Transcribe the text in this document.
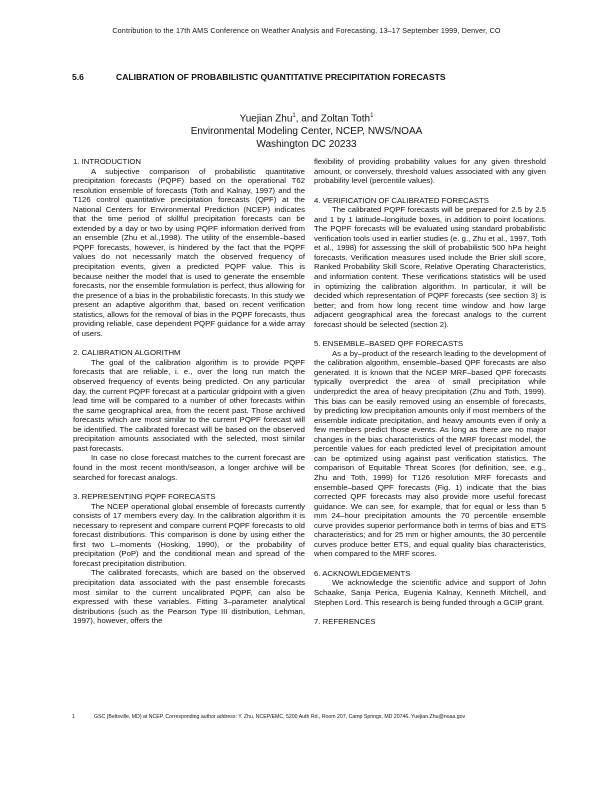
Contribution to the 17th AMS Conference on Weather Analysis and Forecasting, 13–17 September 1999, Denver, CO
5.6	CALIBRATION OF PROBABILISTIC QUANTITATIVE PRECIPITATION FORECASTS
Yuejian Zhu$^1$, and Zoltan Toth$^1$
Environmental Modeling Center, NCEP, NWS/NOAA
Washington DC 20233
1. INTRODUCTION

A subjective comparison of probabilistic quantitative precipitation forecasts (PQPF) based on the operational T62 resolution ensemble of forecasts (Toth and Kalnay, 1997) and the T126 control quantitative precipitation forecasts (QPF) at the National Centers for Environmental Prediction (NCEP) indicates that the time period of skillful precipitation forecasts can be extended by a day or two by using PQPF information derived from an ensemble (Zhu et al.,1998). The utility of the ensemble–based PQPF forecasts, however, is hindered by the fact that the PQPF values do not necessarily match the observed frequency of precipitation events, given a predicted PQPF value. This is because neither the model that is used to generate the ensemble forecasts, nor the ensemble formulation is perfect, thus allowing for the presence of a bias in the probabilistic forecasts. In this study we present an adaptive algorithm that, based on recent verification statistics, allows for the removal of bias in the PQPF forecasts, thus providing reliable, case dependent PQPF guidance for a wide array of users.

2. CALIBRATION ALGORITHM

The goal of the calibration algorithm is to provide PQPF forecasts that are reliable, i. e., over the long run match the observed frequency of events being predicted. On any particular day, the current PQPF forecast at a particular gridpoint with a given lead time will be compared to a number of other forecasts within the same geographical area, from the recent past. Those archived forecasts which are most similar to the current PQPF forecast will be identified. The calibrated forecast will be based on the observed precipitation amounts associated with the selected, most similar past forecasts.

In case no close forecast matches to the current forecast are found in the most recent month/season, a longer archive will be searched for forecast analogs.

3. REPRESENTING PQPF FORECASTS

The NCEP operational global ensemble of forecasts currently consists of 17 members every day. In the calibration algorithm it is necessary to represent and compare current PQPF forecasts to old forecast distributions. This comparison is done by using either the first two L–moments (Hosking, 1990), or the probability of precipitation (PoP) and the conditional mean and spread of the forecast precipitation distribution.

The calibrated forecasts, which are based on the observed precipitation data associated with the past ensemble forecasts most similar to the current uncalibrated PQPF, can also be expressed with these variables. Fitting 3–parameter analytical distributions (such as the Pearson Type III distribution, Lehman, 1997), however, offers the

flexibility of providing probability values for any given threshold amount, or conversely, threshold values associated with any given probability level (percentile values).

4. VERIFICATION OF CALIBRATED FORECASTS

The calibrated PQPF forecasts will be prepared for 2.5 by 2.5 and 1 by 1 latitude–longitude boxes, in addition to point locations. The PQPF forecasts will be evaluated using standard probabilistic verification tools used in earlier studies (e. g., Zhu et al., 1997, Toth et al., 1998) for assessing the skill of probabilistic 500 hPa height forecasts. Verification measures used include the Brier skill score, Ranked Probability Skill Score, Relative Operating Characteristics, and information content. These verifications statistics will be used in optimizing the calibration algorithm. In particular, it will be decided which representation of PQPF forecasts (see section 3) is better; and from how long recent time window and how large adjacent geographical area the forecast analogs to the current forecast should be selected (section 2).

5. ENSEMBLE–BASED QPF FORECASTS

As a by–product of the research leading to the development of the calibration algorithm, ensemble–based QPF forecasts are also generated. It is known that the NCEP MRF–based QPF forecasts typically overpredict the area of small precipitation while underpredict the area of heavy precipitation (Zhu and Toth, 1999). This bias can be easily removed using an ensemble of forecasts, by predicting low precipitation amounts only if most members of the ensemble indicate precipitation, and heavy amounts even if only a few members predict those events. As long as there are no major changes in the bias characteristics of the MRF forecast model, the percentile values for each predicted level of precipitation amount can be optimized using against past verification statistics. The comparison of Equitable Threat Scores (for definition, see, e.g., Zhu and Toth, 1999) for T126 resolution MRF forecasts and ensemble–based QPF forecasts (Fig. 1) indicate that the bias corrected QPF forecasts may also provide more useful forecast guidance. We can see, for example, that for equal or less than 5 mm 24–hour precipitation amounts the 70 percentile ensemble curve provides superior performance both in terms of bias and ETS characteristics; and for 25 mm or higher amounts, the 30 percentile curves produce better ETS, and equal quality bias characteristics, when compared to the MRF scores.

6. ACKNOWLEDGEMENTS

We acknowledge the scientific advice and support of John Schaake, Sanja Perica, Eugenia Kalnay, Kenneth Mitchell, and Stephen Lord. This research is being funded through a GCIP grant.

7. REFERENCES
1	GSC (Beltsville, MD) at NCEP. Corresponding author address: Y. Zhu, NCEP/EMC, 5200 Auth Rd., Room 207, Camp Springs, MD 20746. Yuejian.Zhu@noaa.gov
